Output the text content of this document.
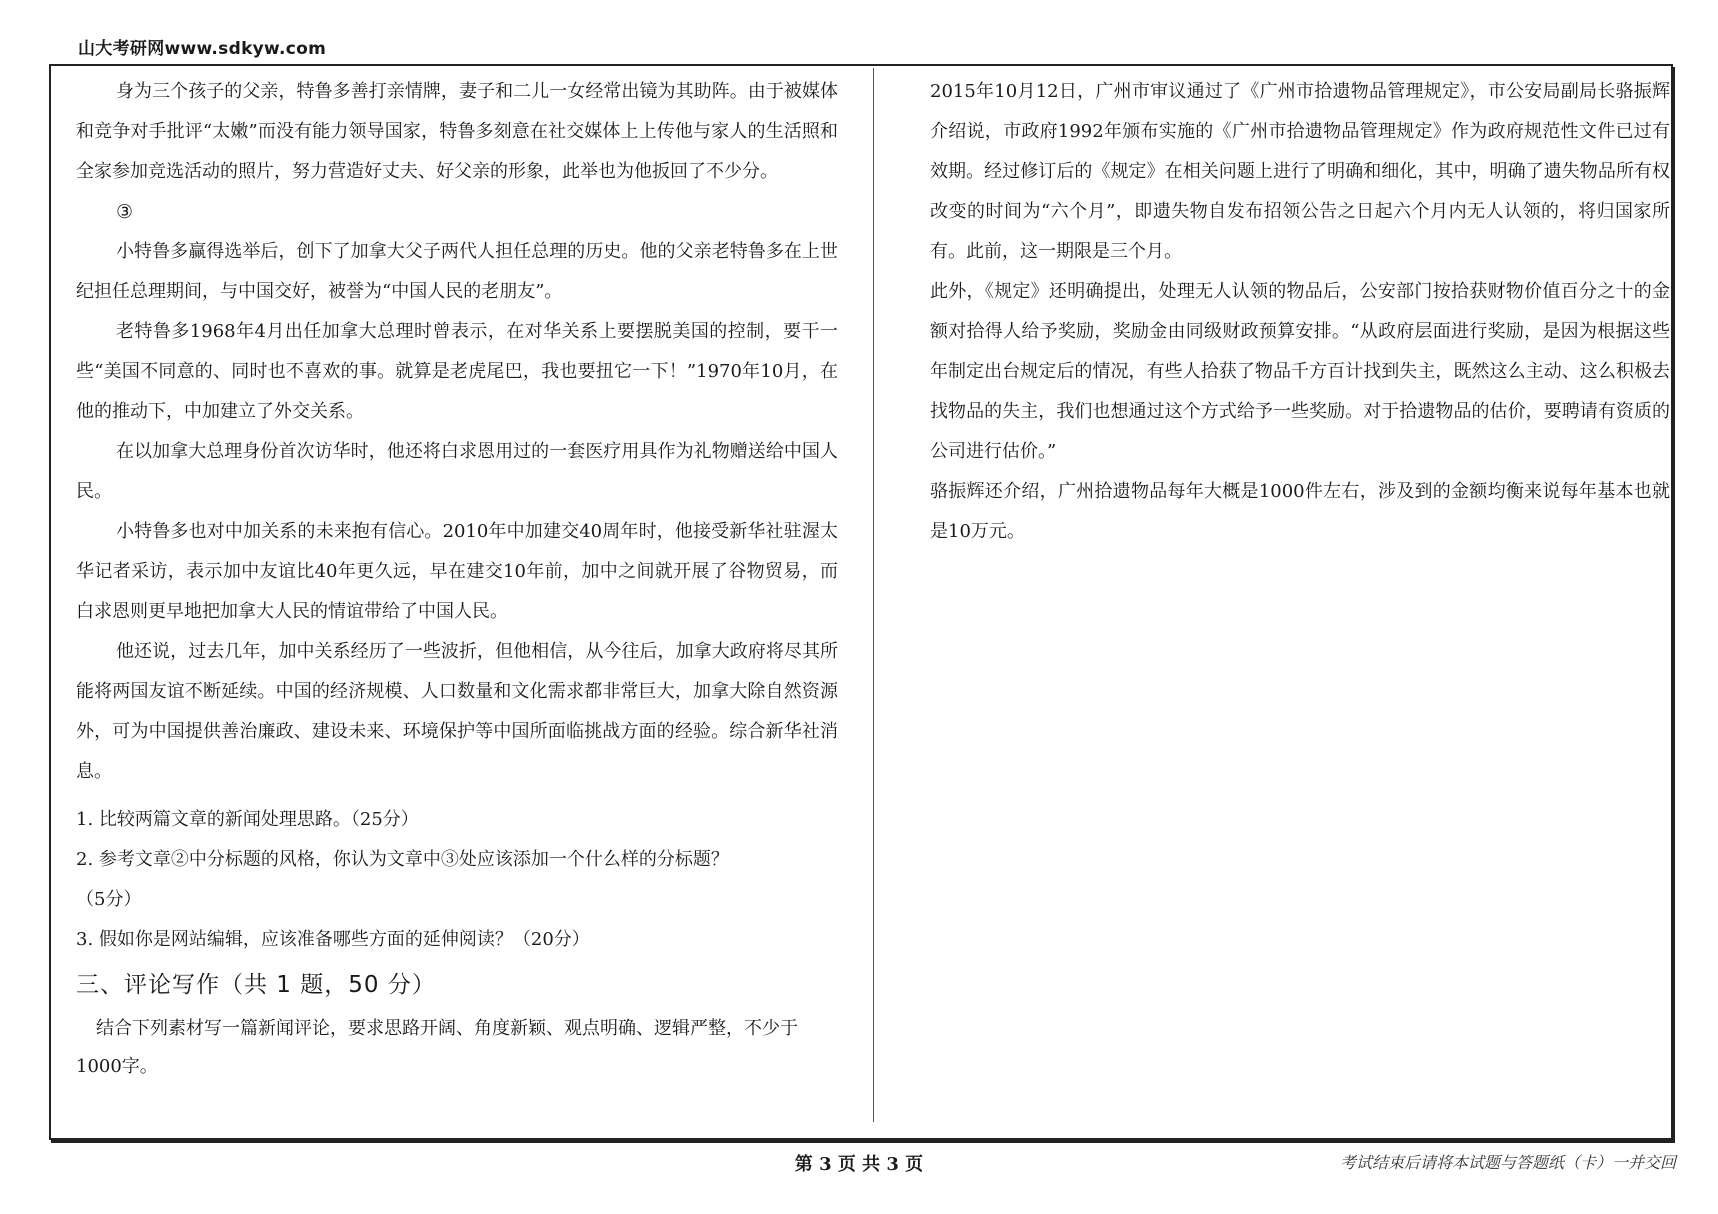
山大考研网www.sdkyw.com

身为三个孩子的父亲，特鲁多善打亲情牌，妻子和二儿一女经常出镜为其助阵。由于被媒体和竞争对手批评“太嫩”而没有能力领导国家，特鲁多刻意在社交媒体上上传他与家人的生活照和全家参加竞选活动的照片，努力营造好丈夫、好父亲的形象，此举也为他扳回了不少分。

③

小特鲁多赢得选举后，创下了加拿大父子两代人担任总理的历史。他的父亲老特鲁多在上世纪担任总理期间，与中国交好，被誉为“中国人民的老朋友”。

老特鲁多1968年4月出任加拿大总理时曾表示，在对华关系上要摆脱美国的控制，要干一些“美国不同意的、同时也不喜欢的事。就算是老虎尾巴，我也要扭它一下！”1970年10月，在他的推动下，中加建立了外交关系。

在以加拿大总理身份首次访华时，他还将白求恩用过的一套医疗用具作为礼物赠送给中国人民。

小特鲁多也对中加关系的未来抱有信心。2010年中加建交40周年时，他接受新华社驻渥太华记者采访，表示加中友谊比40年更久远，早在建交10年前，加中之间就开展了谷物贸易，而白求恩则更早地把加拿大人民的情谊带给了中国人民。

他还说，过去几年，加中关系经历了一些波折，但他相信，从今往后，加拿大政府将尽其所能将两国友谊不断延续。中国的经济规模、人口数量和文化需求都非常巨大，加拿大除自然资源外，可为中国提供善治廉政、建设未来、环境保护等中国所面临挑战方面的经验。综合新华社消息。

1. 比较两篇文章的新闻处理思路。（25分）

2. 参考文章②中分标题的风格，你认为文章中③处应该添加一个什么样的分标题？

（5分）

3. 假如你是网站编辑，应该准备哪些方面的延伸阅读？（20分）

三、评论写作（共 1 题，50 分）

结合下列素材写一篇新闻评论，要求思路开阔、角度新颖、观点明确、逻辑严整，不少于1000字。

2015年10月12日，广州市审议通过了《广州市拾遗物品管理规定》，市公安局副局长骆振辉介绍说，市政府1992年颁布实施的《广州市拾遗物品管理规定》作为政府规范性文件已过有效期。经过修订后的《规定》在相关问题上进行了明确和细化，其中，明确了遗失物品所有权改变的时间为“六个月”，即遗失物自发布招领公告之日起六个月内无人认领的，将归国家所有。此前，这一期限是三个月。

此外，《规定》还明确提出，处理无人认领的物品后，公安部门按拾获财物价值百分之十的金额对拾得人给予奖励，奖励金由同级财政预算安排。“从政府层面进行奖励，是因为根据这些年制定出台规定后的情况，有些人拾获了物品千方百计找到失主，既然这么主动、这么积极去找物品的失主，我们也想通过这个方式给予一些奖励。对于拾遗物品的估价，要聘请有资质的公司进行估价。”

骆振辉还介绍，广州拾遗物品每年大概是1000件左右，涉及到的金额均衡来说每年基本也就是10万元。

第 3 页 共 3 页	考试结束后请将本试题与答题纸（卡）一并交回
